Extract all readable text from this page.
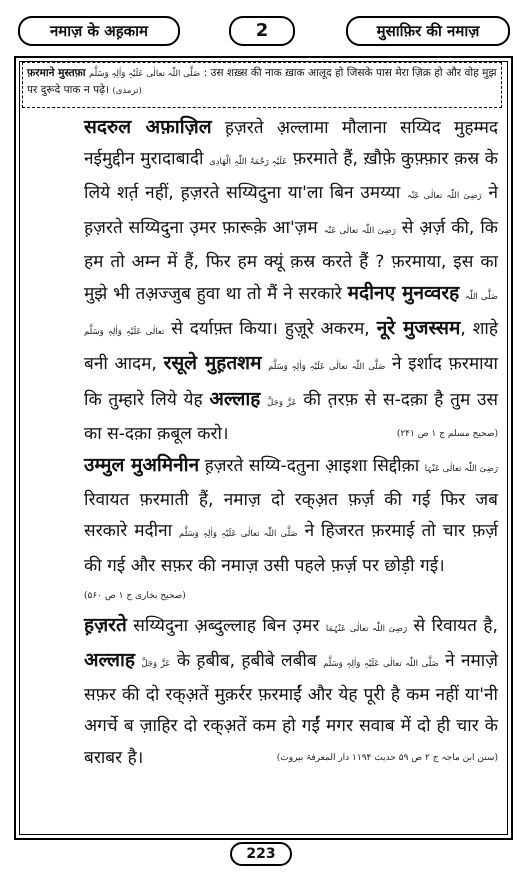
नमाज़ के अह़काम	2	मुसाफ़िर की नमाज़
फ़रमाने मुस्तफ़ा صَلَّی اللّٰہ تعالٰی عَلَیْہِ وَاٰلِہٖ وَسَلَّم : उस शख़्स की नाक ख़ाक आलूद हो जिसके पास मेरा ज़िक्र हो और वोह मुझ पर दुरूदे पाक न पढ़े। (ترمذی)

सदरुल अफ़ाज़िल ह़ज़रते अ़ल्लामा मौलाना सय्यिद मुहम्मद नईमुद्दीन मुरादाबादी عَلَیْہِ رَحْمَۃُ اللّٰہِ الْھَادِی फ़रमाते हैं, ख़ौफ़े कुफ़्फ़ार क़स्र के लिये शर्त़ नहीं, ह़ज़रते सय्यिदुना या'ला बिन उमय्या رَضِیَ اللّٰہ تعالٰی عَنْہ ने ह़ज़रते सय्यिदुना उ़मर फ़ारूक़े आ'ज़म رَضِیَ اللّٰہ تعالٰی عَنْہ से अ़र्ज़ की, कि हम तो अम्न में हैं, फिर हम क्यूं क़स्र करते हैं ? फ़रमाया, इस का मुझे भी तअ़ज्जुब हुवा था तो मैं ने सरकारे मदीनए मुनव्वरह صَلَّی اللّٰہ تعالٰی عَلَیْہِ وَاٰلِہٖ وَسَلَّم से दर्याफ़्त किया। हुज़ूरे अकरम, नूरे मुजस्सम, शाहे बनी आदम, रसूले मुह़तशम صَلَّی اللّٰہ تعالٰی عَلَیْہِ وَاٰلِہٖ وَسَلَّم ने इर्शाद फ़रमाया कि तुम्हारे लिये येह अल्लाह عَزَّ وَجَلَّ की त़रफ़ से स-दक़ा है तुम उस का स-दक़ा क़बूल करो।	(صحیح مسلم ج ۱ ص ۲۴۱)

उम्मुल मुअमिनीन ह़ज़रते सय्यि-दतुना आ़इशा सिद्दीक़ा رَضِیَ اللّٰہ تعالٰی عَنْہَا रिवायत फ़रमाती हैं, नमाज़ दो रक्अ़त फ़र्ज़ की गई फिर जब सरकारे मदीना صَلَّی اللّٰہ تعالٰی عَلَیْہِ وَاٰلِہٖ وَسَلَّم ने हिजरत फ़रमाई तो चार फ़र्ज़ की गई और सफ़र की नमाज़ उसी पहले फ़र्ज़ पर छोड़ी गई।
(صحیح بخاری ج ۱ ص ۵۶۰)

ह़ज़रते सय्यिदुना अ़ब्दुल्लाह बिन उ़मर رَضِیَ اللّٰہ تعالٰی عَنْہُمَا से रिवायत है, अल्लाह عَزَّ وَجَلَّ के ह़बीब, ह़बीबे लबीब صَلَّی اللّٰہ تعالٰی عَلَیْہِ وَاٰلِہٖ وَسَلَّم ने नमाज़े सफ़र की दो रक्अ़तें मुक़र्रर फ़रमाईं और येह पूरी है कम नहीं या'नी अगर्चे ब ज़ाहिर दो रक्अ़तें कम हो गईं मगर सवाब में दो ही चार के बराबर है।	(سنن ابن ماجہ ج ۲ ص ۵۹ حدیث ۱۱۹۴ دار المعرفۃ بیروت)

223
